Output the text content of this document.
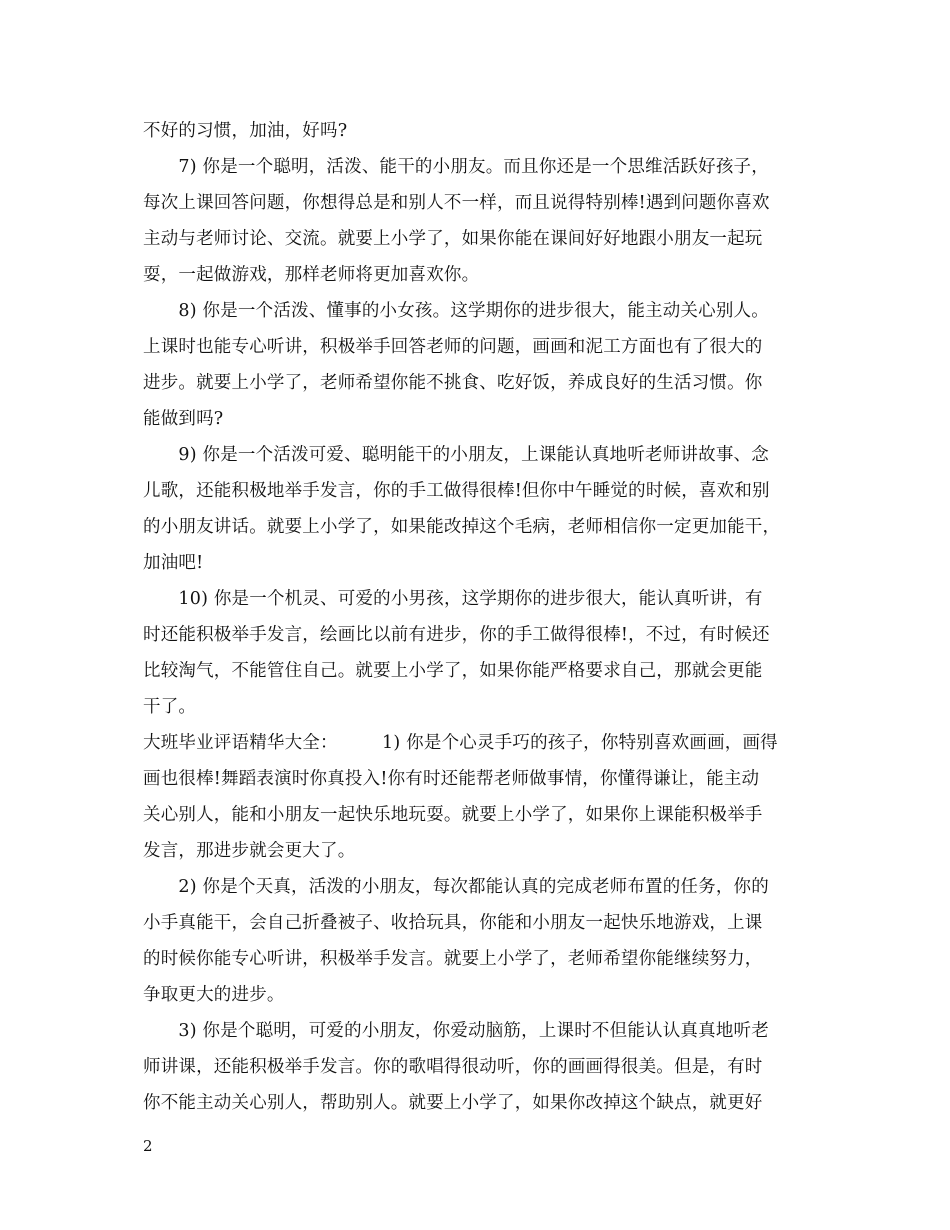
不好的习惯，加油，好吗?
　　7) 你是一个聪明，活泼、能干的小朋友。而且你还是一个思维活跃好孩子，
每次上课回答问题，你想得总是和别人不一样，而且说得特别棒!遇到问题你喜欢
主动与老师讨论、交流。就要上小学了，如果你能在课间好好地跟小朋友一起玩
耍，一起做游戏，那样老师将更加喜欢你。
　　8) 你是一个活泼、懂事的小女孩。这学期你的进步很大，能主动关心别人。
上课时也能专心听讲，积极举手回答老师的问题，画画和泥工方面也有了很大的
进步。就要上小学了，老师希望你能不挑食、吃好饭，养成良好的生活习惯。你
能做到吗?
　　9) 你是一个活泼可爱、聪明能干的小朋友，上课能认真地听老师讲故事、念
儿歌，还能积极地举手发言，你的手工做得很棒!但你中午睡觉的时候，喜欢和别
的小朋友讲话。就要上小学了，如果能改掉这个毛病，老师相信你一定更加能干，
加油吧!
　　10) 你是一个机灵、可爱的小男孩，这学期你的进步很大，能认真听讲，有
时还能积极举手发言，绘画比以前有进步，你的手工做得很棒!，不过，有时候还
比较淘气，不能管住自己。就要上小学了，如果你能严格要求自己，那就会更能
干了。
大班毕业评语精华大全：　　　1) 你是个心灵手巧的孩子，你特别喜欢画画，画得
画也很棒!舞蹈表演时你真投入!你有时还能帮老师做事情，你懂得谦让，能主动
关心别人，能和小朋友一起快乐地玩耍。就要上小学了，如果你上课能积极举手
发言，那进步就会更大了。
　　2) 你是个天真，活泼的小朋友，每次都能认真的完成老师布置的任务，你的
小手真能干，会自己折叠被子、收拾玩具，你能和小朋友一起快乐地游戏，上课
的时候你能专心听讲，积极举手发言。就要上小学了，老师希望你能继续努力，
争取更大的进步。
　　3) 你是个聪明，可爱的小朋友，你爱动脑筋，上课时不但能认认真真地听老
师讲课，还能积极举手发言。你的歌唱得很动听，你的画画得很美。但是，有时
你不能主动关心别人，帮助别人。就要上小学了，如果你改掉这个缺点，就更好
2
